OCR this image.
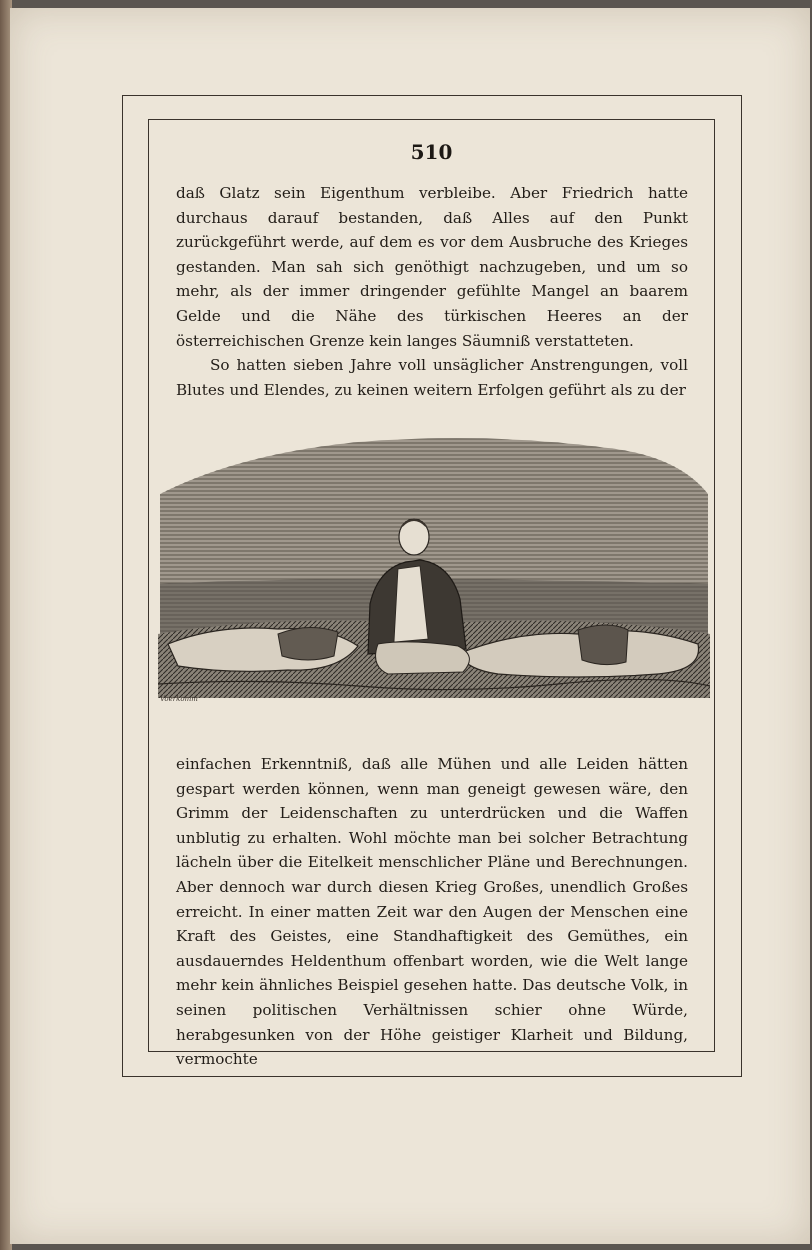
510

daß Glatz sein Eigenthum verbleibe. Aber Friedrich hatte durchaus darauf bestanden, daß Alles auf den Punkt zurückgeführt werde, auf dem es vor dem Ausbruche des Krieges gestanden. Man sah sich genöthigt nachzugeben, und um so mehr, als der immer dringender gefühlte Mangel an baarem Gelde und die Nähe des türkischen Heeres an der österreichischen Grenze kein langes Säumniß verstatteten.

So hatten sieben Jahre voll unsäglicher Anstrengungen, voll Blutes und Elendes, zu keinen weitern Erfolgen geführt als zu der

Voerkomm

einfachen Erkenntniß, daß alle Mühen und alle Leiden hätten gespart werden können, wenn man geneigt gewesen wäre, den Grimm der Leidenschaften zu unterdrücken und die Waffen unblutig zu erhalten. Wohl möchte man bei solcher Betrachtung lächeln über die Eitelkeit menschlicher Pläne und Berechnungen. Aber dennoch war durch diesen Krieg Großes, unendlich Großes erreicht. In einer matten Zeit war den Augen der Menschen eine Kraft des Geistes, eine Standhaftigkeit des Gemüthes, ein ausdauerndes Heldenthum offenbart worden, wie die Welt lange mehr kein ähnliches Beispiel gesehen hatte. Das deutsche Volk, in seinen politischen Verhältnissen schier ohne Würde, herabgesunken von der Höhe geistiger Klarheit und Bildung, vermochte
